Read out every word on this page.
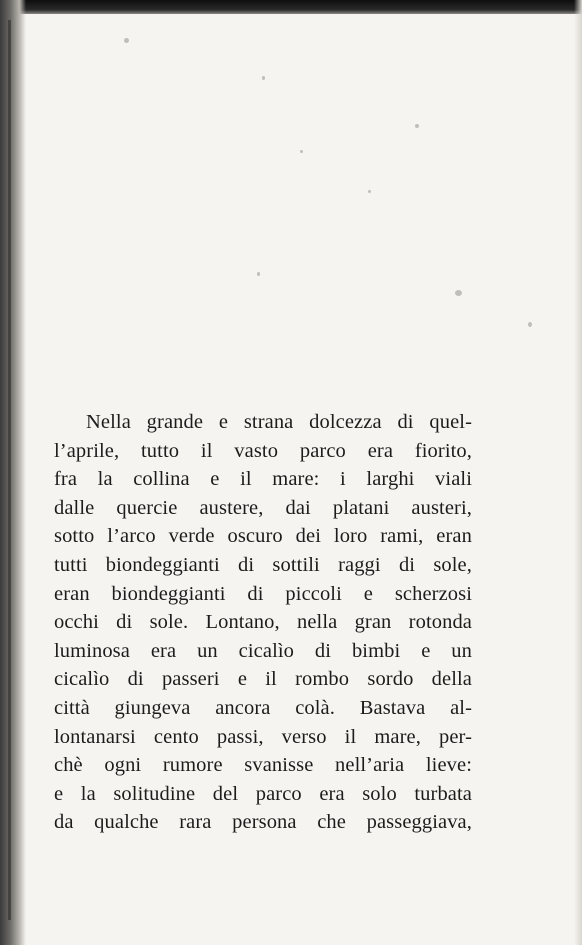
Nella grande e strana dolcezza di quel-
l’aprile, tutto il vasto parco era fiorito,
fra la collina e il mare: i larghi viali
dalle quercie austere, dai platani austeri,
sotto l’arco verde oscuro dei loro rami, eran
tutti biondeggianti di sottili raggi di sole,
eran biondeggianti di piccoli e scherzosi
occhi di sole. Lontano, nella gran rotonda
luminosa era un cicalìo di bimbi e un
cicalìo di passeri e il rombo sordo della
città giungeva ancora colà. Bastava al-
lontanarsi cento passi, verso il mare, per-
chè ogni rumore svanisse nell’aria lieve:
e la solitudine del parco era solo turbata
da qualche rara persona che passeggiava,
